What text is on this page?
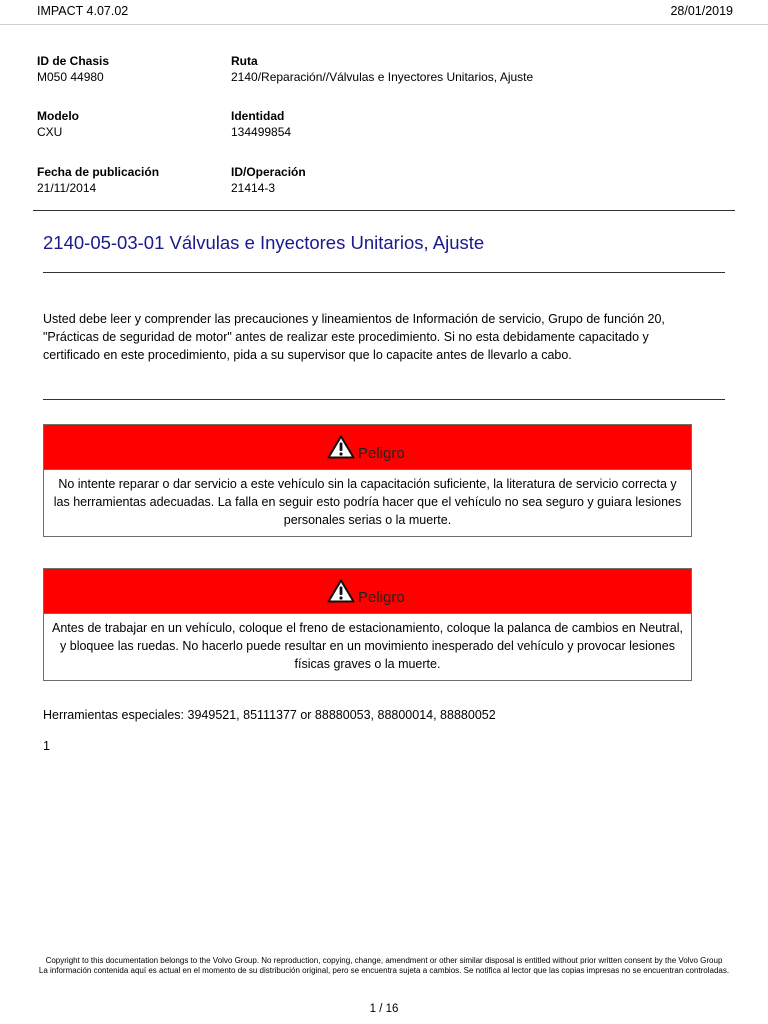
IMPACT 4.07.02	28/01/2019
ID de Chasis
M050 44980
Ruta
2140/Reparación//Válvulas e Inyectores Unitarios, Ajuste
Modelo
CXU
Identidad
134499854
Fecha de publicación
21/11/2014
ID/Operación
21414-3
2140-05-03-01 Válvulas e Inyectores Unitarios, Ajuste
Usted debe leer y comprender las precauciones y lineamientos de Información de servicio, Grupo de función 20, "Prácticas de seguridad de motor" antes de realizar este procedimiento. Si no esta debidamente capacitado y certificado en este procedimiento, pida a su supervisor que lo capacite antes de llevarlo a cabo.
Peligro
No intente reparar o dar servicio a este vehículo sin la capacitación suficiente, la literatura de servicio correcta y las herramientas adecuadas. La falla en seguir esto podría hacer que el vehículo no sea seguro y guiara lesiones personales serias o la muerte.
Peligro
Antes de trabajar en un vehículo, coloque el freno de estacionamiento, coloque la palanca de cambios en Neutral, y bloquee las ruedas. No hacerlo puede resultar en un movimiento inesperado del vehículo y provocar lesiones físicas graves o la muerte.
Herramientas especiales: 3949521, 85111377 or 88880053, 88800014, 88880052
1
Copyright to this documentation belongs to the Volvo Group. No reproduction, copying, change, amendment or other similar disposal is entitled without prior written consent by the Volvo Group
La información contenida aquí es actual en el momento de su distribución original, pero se encuentra sujeta a cambios. Se notifica al lector que las copias impresas no se encuentran controladas.
1 / 16
